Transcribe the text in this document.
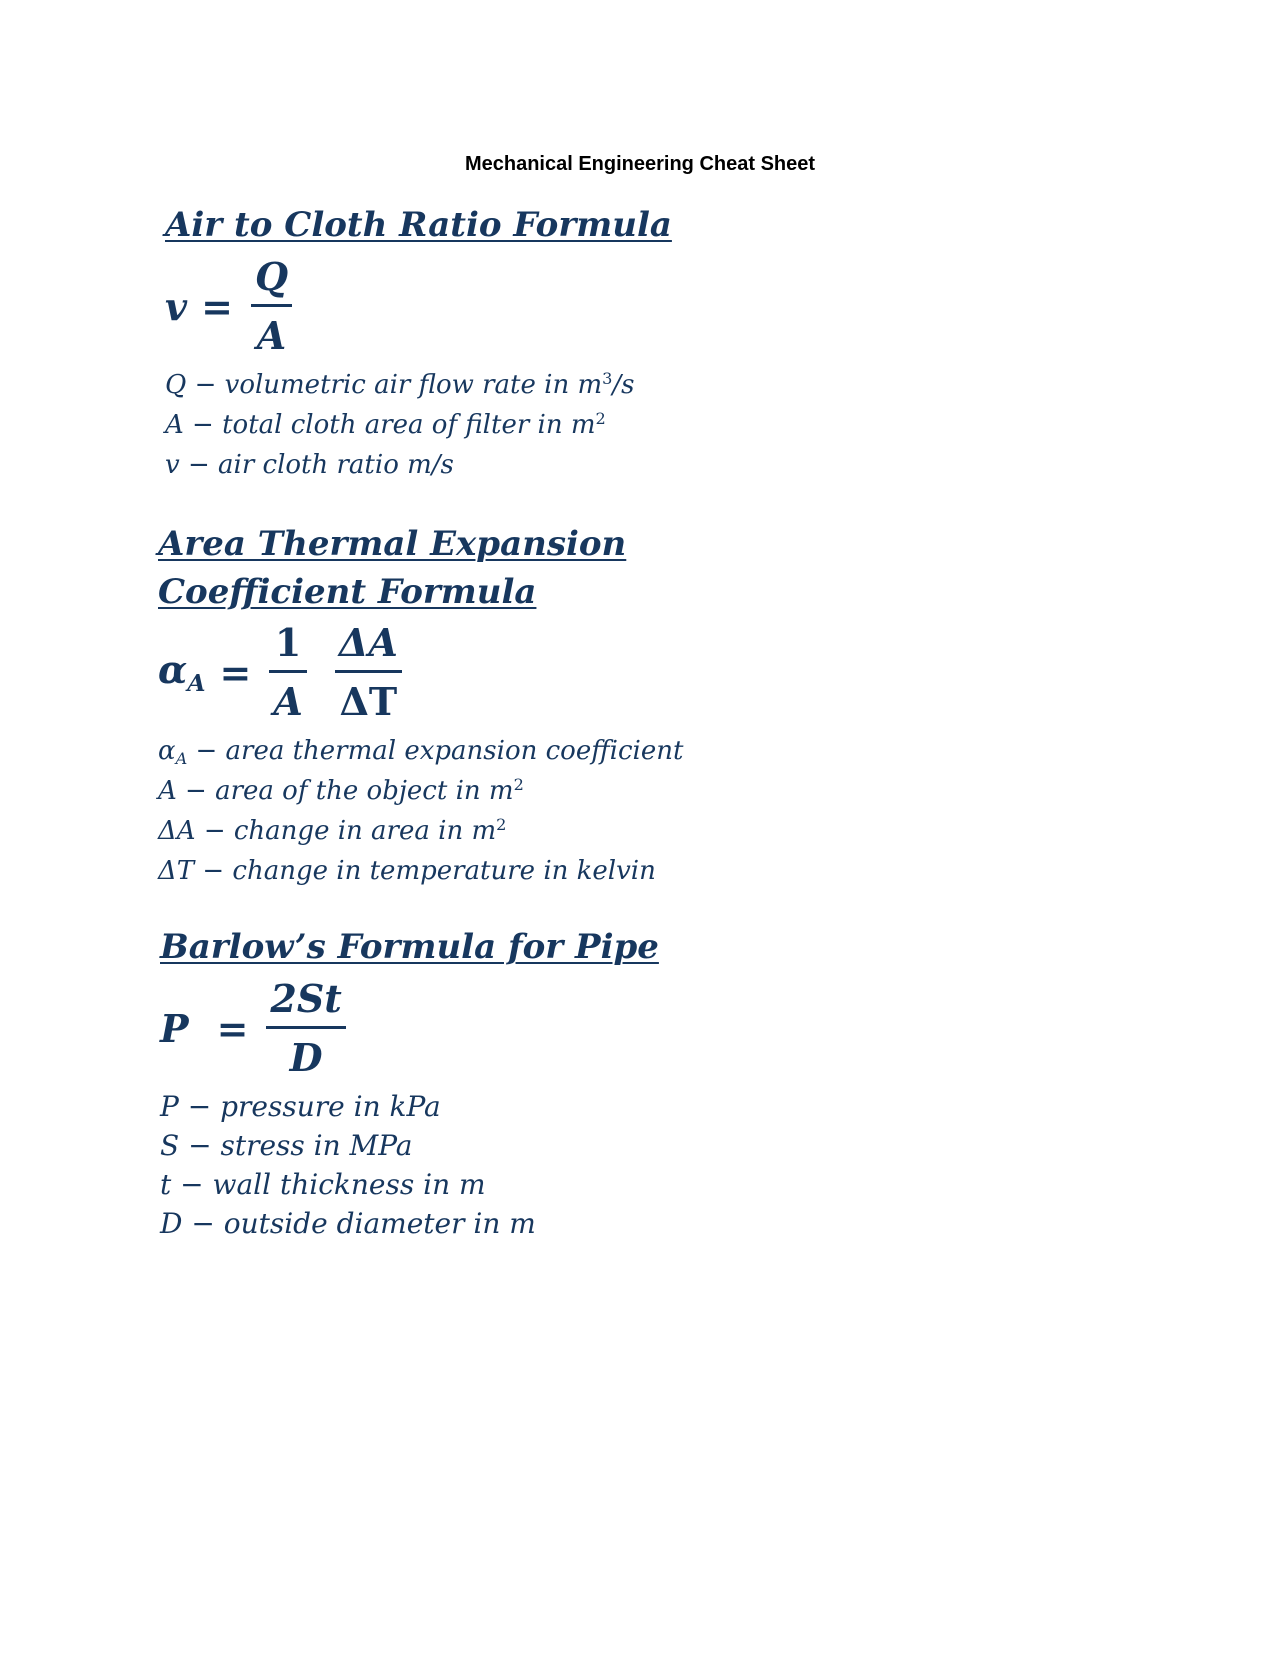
Mechanical Engineering Cheat Sheet
Air to Cloth Ratio Formula
$v = \frac{Q}{A}$
Q − volumetric air flow rate in $m^3/s$
A − total cloth area of filter in $m^2$
v − air cloth ratio m/s
Area Thermal Expansion
Coefficient Formula
$\alpha_A = \frac{1}{A} \frac{\Delta A}{\Delta T}$
$\alpha_A$ − area thermal expansion coefficient
A − area of the object in $m^2$
ΔA − change in area in $m^2$
ΔT − change in temperature in kelvin
Barlow’s Formula for Pipe
$P = \frac{2St}{D}$
P − pressure in kPa
S − stress in MPa
t − wall thickness in m
D − outside diameter in m
